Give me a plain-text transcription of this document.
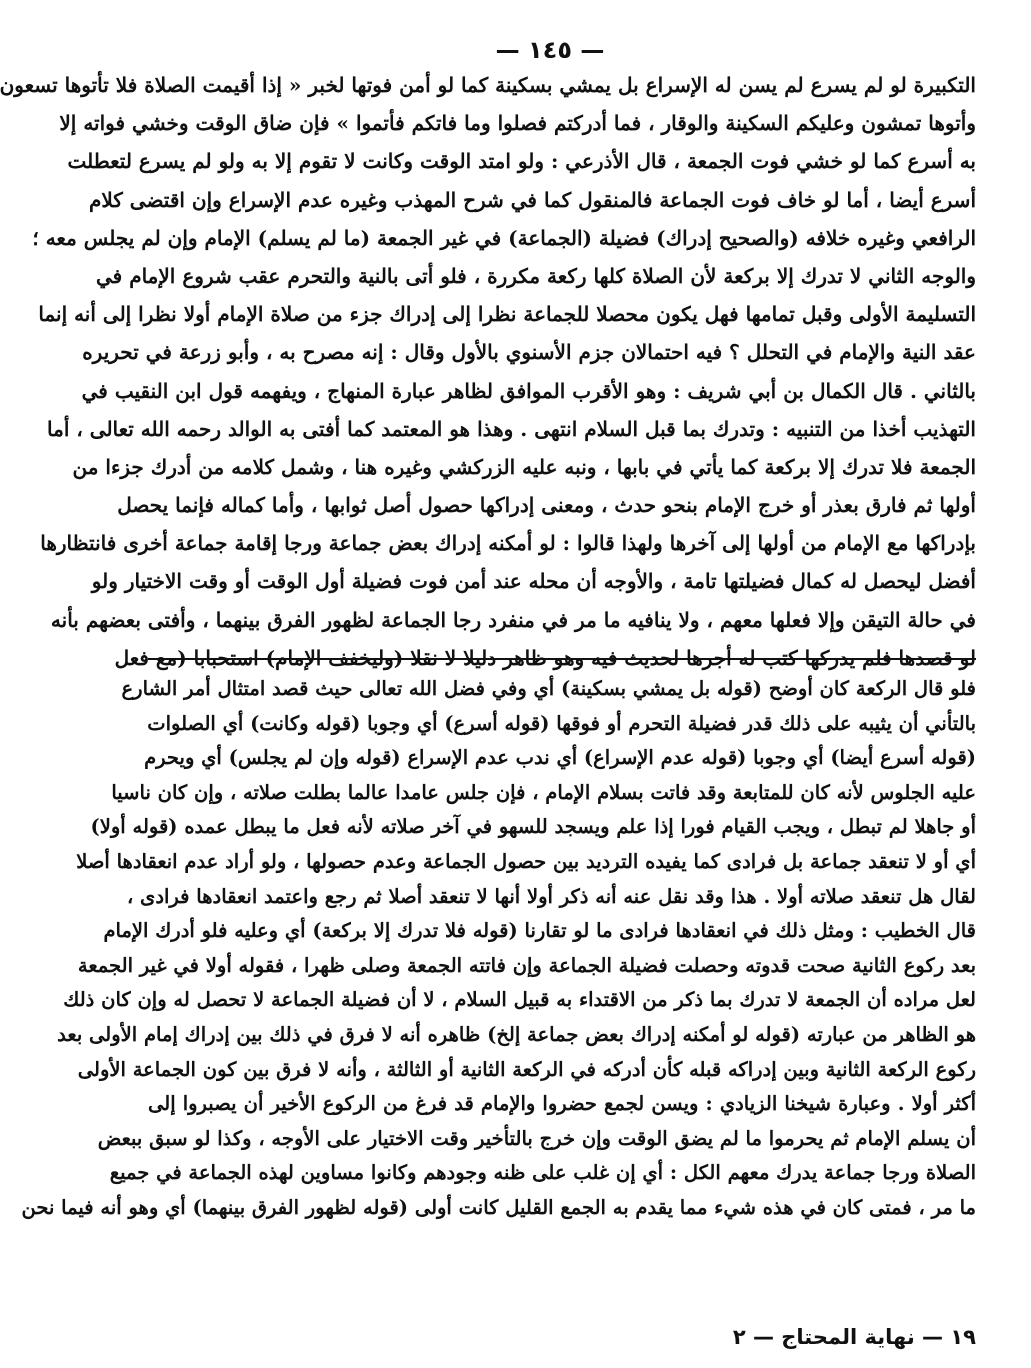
— ١٤٥ —
التكبيرة لو لم يسرع لم يسن له الإسراع بل يمشي بسكينة كما لو أمن فوتها لخبر « إذا أقيمت الصلاة فلا تأتوها تسعون
وأتوها تمشون وعليكم السكينة والوقار ، فما أدركتم فصلوا وما فاتكم فأتموا » فإن ضاق الوقت وخشي فواته إلا
به أسرع كما لو خشي فوت الجمعة ، قال الأذرعي : ولو امتد الوقت وكانت لا تقوم إلا به ولو لم يسرع لتعطلت
أسرع أيضا ، أما لو خاف فوت الجماعة فالمنقول كما في شرح المهذب وغيره عدم الإسراع وإن اقتضى كلام
الرافعي وغيره خلافه (والصحيح إدراك) فضيلة (الجماعة) في غير الجمعة (ما لم يسلم) الإمام وإن لم يجلس معه ؛
والوجه الثاني لا تدرك إلا بركعة لأن الصلاة كلها ركعة مكررة ، فلو أتى بالنية والتحرم عقب شروع الإمام في
التسليمة الأولى وقبل تمامها فهل يكون محصلا للجماعة نظرا إلى إدراك جزء من صلاة الإمام أولا نظرا إلى أنه إنما
عقد النية والإمام في التحلل ؟ فيه احتمالان جزم الأسنوي بالأول وقال : إنه مصرح به ، وأبو زرعة في تحريره
بالثاني . قال الكمال بن أبي شريف : وهو الأقرب الموافق لظاهر عبارة المنهاج ، ويفهمه قول ابن النقيب في
التهذيب أخذا من التنبيه : وتدرك بما قبل السلام انتهى . وهذا هو المعتمد كما أفتى به الوالد رحمه الله تعالى ، أما
الجمعة فلا تدرك إلا بركعة كما يأتي في بابها ، ونبه عليه الزركشي وغيره هنا ، وشمل كلامه من أدرك جزءا من
أولها ثم فارق بعذر أو خرج الإمام بنحو حدث ، ومعنى إدراكها حصول أصل ثوابها ، وأما كماله فإنما يحصل
بإدراكها مع الإمام من أولها إلى آخرها ولهذا قالوا : لو أمكنه إدراك بعض جماعة ورجا إقامة جماعة أخرى فانتظارها
أفضل ليحصل له كمال فضيلتها تامة ، والأوجه أن محله عند أمن فوت فضيلة أول الوقت أو وقت الاختيار ولو
في حالة التيقن وإلا فعلها معهم ، ولا ينافيه ما مر في منفرد رجا الجماعة لظهور الفرق بينهما ، وأفتى بعضهم بأنه
لو قصدها فلم يدركها كتب له أجرها لحديث فيه وهو ظاهر دليلا لا نقلا (وليخفف الإمام) استحبابا (مع فعل
فلو قال الركعة كان أوضح (قوله بل يمشي بسكينة) أي وفي فضل الله تعالى حيث قصد امتثال أمر الشارع
بالتأني أن يثيبه على ذلك قدر فضيلة التحرم أو فوقها (قوله أسرع) أي وجوبا (قوله وكانت) أي الصلوات
(قوله أسرع أيضا) أي وجوبا (قوله عدم الإسراع) أي ندب عدم الإسراع (قوله وإن لم يجلس) أي ويحرم
عليه الجلوس لأنه كان للمتابعة وقد فاتت بسلام الإمام ، فإن جلس عامدا عالما بطلت صلاته ، وإن كان ناسيا
أو جاهلا لم تبطل ، ويجب القيام فورا إذا علم ويسجد للسهو في آخر صلاته لأنه فعل ما يبطل عمده (قوله أولا)
أي أو لا تنعقد جماعة بل فرادى كما يفيده الترديد بين حصول الجماعة وعدم حصولها ، ولو أراد عدم انعقادها أصلا
لقال هل تنعقد صلاته أولا . هذا وقد نقل عنه أنه ذكر أولا أنها لا تنعقد أصلا ثم رجع واعتمد انعقادها فرادى ،
قال الخطيب : ومثل ذلك في انعقادها فرادى ما لو تقارنا (قوله فلا تدرك إلا بركعة) أي وعليه فلو أدرك الإمام
بعد ركوع الثانية صحت قدوته وحصلت فضيلة الجماعة وإن فاتته الجمعة وصلى ظهرا ، فقوله أولا في غير الجمعة
لعل مراده أن الجمعة لا تدرك بما ذكر من الاقتداء به قبيل السلام ، لا أن فضيلة الجماعة لا تحصل له وإن كان ذلك
هو الظاهر من عبارته (قوله لو أمكنه إدراك بعض جماعة إلخ) ظاهره أنه لا فرق في ذلك بين إدراك إمام الأولى بعد
ركوع الركعة الثانية وبين إدراكه قبله كأن أدركه في الركعة الثانية أو الثالثة ، وأنه لا فرق بين كون الجماعة الأولى
أكثر أولا . وعبارة شيخنا الزيادي : ويسن لجمع حضروا والإمام قد فرغ من الركوع الأخير أن يصبروا إلى
أن يسلم الإمام ثم يحرموا ما لم يضق الوقت وإن خرج بالتأخير وقت الاختيار على الأوجه ، وكذا لو سبق ببعض
الصلاة ورجا جماعة يدرك معهم الكل : أي إن غلب على ظنه وجودهم وكانوا مساوين لهذه الجماعة في جميع
ما مر ، فمتى كان في هذه شيء مما يقدم به الجمع القليل كانت أولى (قوله لظهور الفرق بينهما) أي وهو أنه فيما نحن
١٩ — نهاية المحتاج — ٢
